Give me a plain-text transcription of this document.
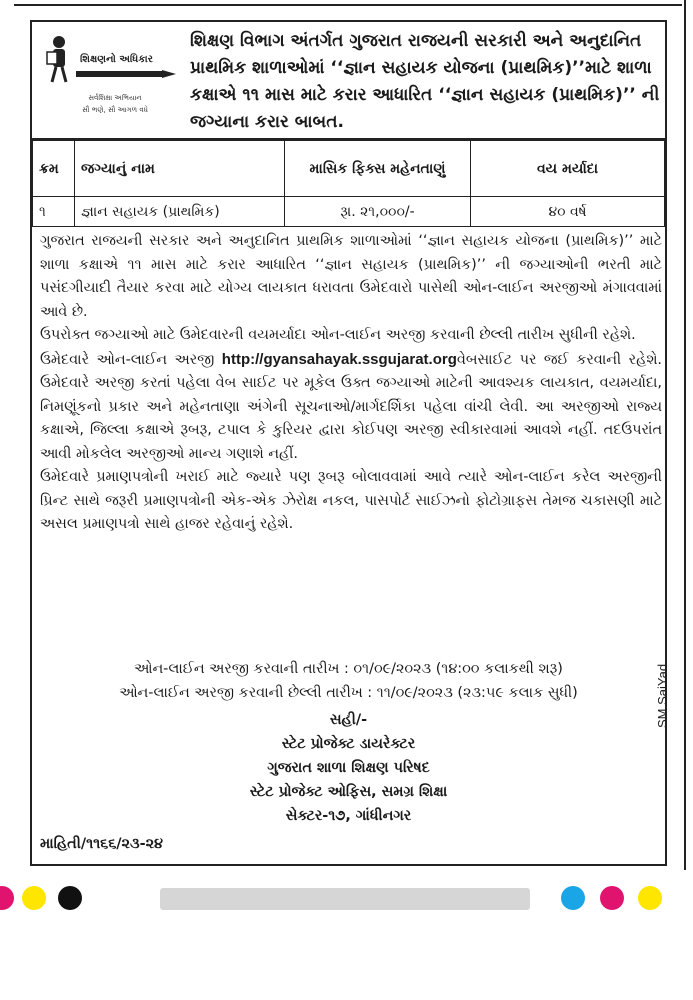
શિક્ષણનો અધિકાર
સર્વશિક્ષા અભિયાન
સૌ ભણે, સૌ આગળ વધે
શિક્ષણ વિભાગ અંતર્ગત ગુજરાત રાજયની સરકારી અને અનુદાનિત પ્રાથમિક શાળાઓમાં ‘‘જ્ઞાન સહાયક યોજના (પ્રાથમિક)’’માટે શાળા કક્ષાએ ૧૧ માસ માટે કરાર આધારિત ‘‘જ્ઞાન સહાયક (પ્રાથમિક)’’ ની જગ્યાના કરાર બાબત.
ક્રમ	જગ્યાનું નામ	માસિક ફિક્સ મહેનતાણું	વય મર્યાદા
૧	જ્ઞાન સહાયક (પ્રાથમિક)	રૂા. ૨૧,૦૦૦/-	૪૦ વર્ષ

ગુજરાત રાજયની સરકાર અને અનુદાનિત પ્રાથમિક શાળાઓમાં ‘‘જ્ઞાન સહાયક યોજના (પ્રાથમિક)’’ માટે શાળા કક્ષાએ ૧૧ માસ માટે કરાર આધારિત ‘‘જ્ઞાન સહાયક (પ્રાથમિક)’’ ની જગ્યાઓની ભરતી માટે પસંદગીયાદી તૈયાર કરવા માટે યોગ્ય લાયકાત ધરાવતા ઉમેદવારો પાસેથી ઓન-લાઈન અરજીઓ મંગાવવામાં આવે છે.

ઉપરોક્ત જગ્યાઓ માટે ઉમેદવારની વયમર્યાદા ઓન-લાઈન અરજી કરવાની છેલ્લી તારીખ સુધીની રહેશે.

ઉમેદવારે ઓન-લાઈન અરજી http://gyansahayak.ssgujarat.orgવેબસાઈટ પર જઈ કરવાની રહેશે. ઉમેદવારે અરજી કરતાં પહેલા વેબ સાઈટ પર મૂકેલ ઉક્ત જગ્યાઓ માટેની આવશ્યક લાયકાત, વયમર્યાદા, નિમણૂંકનો પ્રકાર અને મહેનતાણા અંગેની સૂચનાઓ/માર્ગદર્શિકા પહેલા વાંચી લેવી. આ અરજીઓ રાજ્ય કક્ષાએ, જિલ્લા કક્ષાએ રૂબરૂ, ટપાલ કે કુરિયર દ્વારા કોઈપણ અરજી સ્વીકારવામાં આવશે નહીં. તદઉપરાંત આવી મોકલેલ અરજીઓ માન્ય ગણાશે નહીં.

ઉમેદવારે પ્રમાણપત્રોની ખરાઈ માટે જ્યારે પણ રૂબરૂ બોલાવવામાં આવે ત્યારે ઓન-લાઈન કરેલ અરજીની પ્રિન્ટ સાથે જરૂરી પ્રમાણપત્રોની એક-એક ઝેરોક્ષ નકલ, પાસપોર્ટ સાઈઝનો ફોટોગ્રાફસ તેમજ ચકાસણી માટે અસલ પ્રમાણપત્રો સાથે હાજર રહેવાનું રહેશે.

ઓન-લાઈન અરજી કરવાની તારીખ : ૦૧/૦૯/૨૦૨૩ (૧૪:૦૦ કલાકથી શરૂ)
ઓન-લાઈન અરજી કરવાની છેલ્લી તારીખ : ૧૧/૦૯/૨૦૨૩ (૨૩:૫૯ કલાક સુધી)
સહી/-
સ્ટેટ પ્રોજેક્ટ ડાયરેક્ટર
ગુજરાત શાળા શિક્ષણ પરિષદ
સ્ટેટ પ્રોજેક્ટ ઓફિસ, સમગ્ર શિક્ષા
સેક્ટર-૧૭, ગાંધીનગર
માહિતી/૧૧૬૬/૨૩-૨૪
SM SaiYad
